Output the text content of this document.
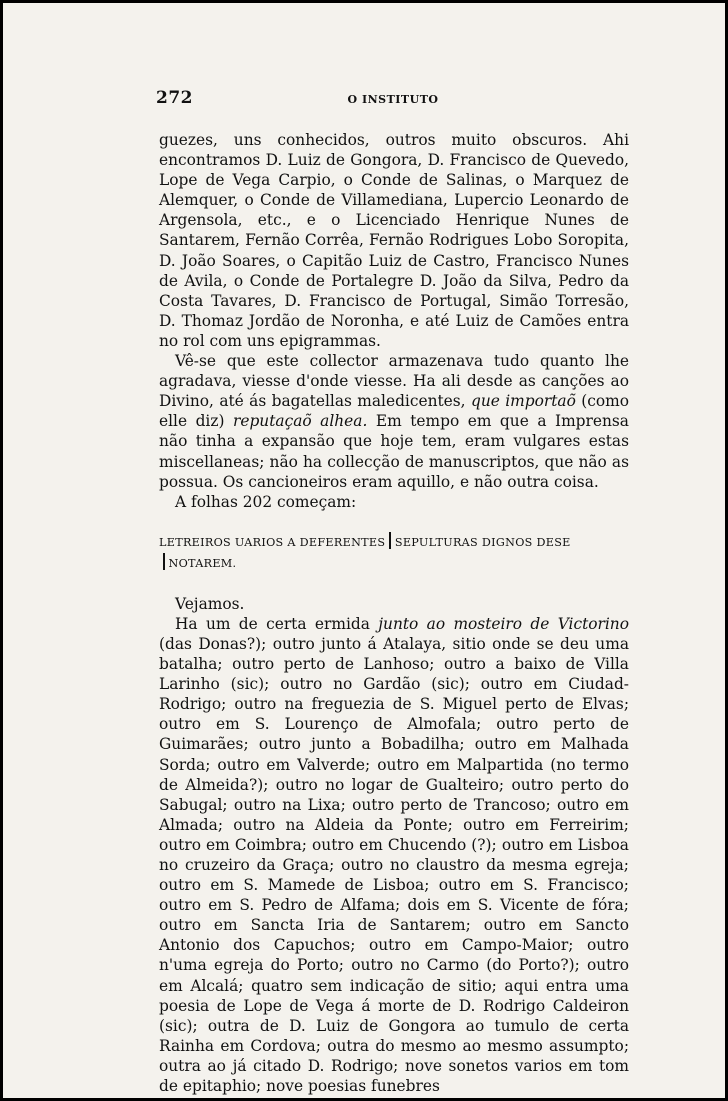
272	O INSTITUTO

guezes, uns conhecidos, outros muito obscuros. Ahi encontramos D. Luiz de Gongora, D. Francisco de Quevedo, Lope de Vega Carpio, o Conde de Salinas, o Marquez de Alemquer, o Conde de Villamediana, Lupercio Leonardo de Argensola, etc., e o Licenciado Henrique Nunes de Santarem, Fernão Corrêa, Fernão Rodrigues Lobo Soropita, D. João Soares, o Capitão Luiz de Castro, Francisco Nunes de Avila, o Conde de Portalegre D. João da Silva, Pedro da Costa Tavares, D. Francisco de Portugal, Simão Torresão, D. Thomaz Jordão de Noronha, e até Luiz de Camões entra no rol com uns epigrammas.

Vê-se que este collector armazenava tudo quanto lhe agradava, viesse d'onde viesse. Ha ali desde as canções ao Divino, até ás bagatellas maledicentes, que importaõ (como elle diz) reputaçaõ alhea. Em tempo em que a Imprensa não tinha a expansão que hoje tem, eram vulgares estas miscellaneas; não ha collecção de manuscriptos, que não as possua. Os cancioneiros eram aquillo, e não outra coisa.

A folhas 202 começam:

LETREIROS UARIOS A DEFERENTES SEPULTURAS DIGNOS DESE
NOTAREM.

Vejamos.

Ha um de certa ermida junto ao mosteiro de Victorino (das Donas?); outro junto á Atalaya, sitio onde se deu uma batalha; outro perto de Lanhoso; outro a baixo de Villa Larinho (sic); outro no Gardão (sic); outro em Ciudad-Rodrigo; outro na freguezia de S. Miguel perto de Elvas; outro em S. Lourenço de Almofala; outro perto de Guimarães; outro junto a Bobadilha; outro em Malhada Sorda; outro em Valverde; outro em Malpartida (no termo de Almeida?); outro no logar de Gualteiro; outro perto do Sabugal; outro na Lixa; outro perto de Trancoso; outro em Almada; outro na Aldeia da Ponte; outro em Ferreirim; outro em Coimbra; outro em Chucendo (?); outro em Lisboa no cruzeiro da Graça; outro no claustro da mesma egreja; outro em S. Mamede de Lisboa; outro em S. Francisco; outro em S. Pedro de Alfama; dois em S. Vicente de fóra; outro em Sancta Iria de Santarem; outro em Sancto Antonio dos Capuchos; outro em Campo-Maior; outro n'uma egreja do Porto; outro no Carmo (do Porto?); outro em Alcalá; quatro sem indicação de sitio; aqui entra uma poesia de Lope de Vega á morte de D. Rodrigo Caldeiron (sic); outra de D. Luiz de Gongora ao tumulo de certa Rainha em Cordova; outra do mesmo ao mesmo assumpto; outra ao já citado D. Rodrigo; nove sonetos varios em tom de epitaphio; nove poesias funebres
